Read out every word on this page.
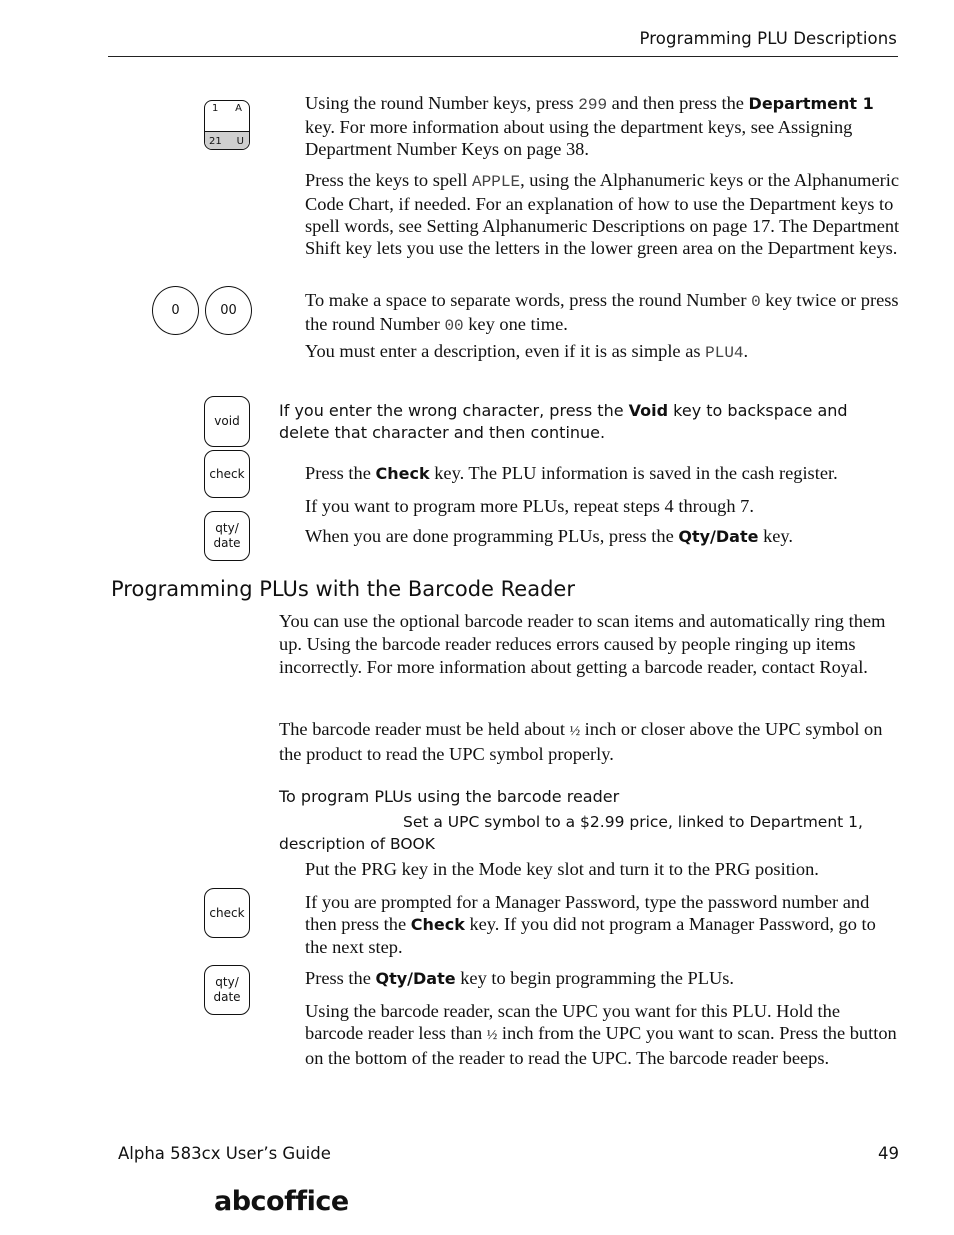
Programming PLU Descriptions
1 A
21 U

Using the round Number keys, press 299 and then press the Department 1 key. For more information about using the department keys, see Assigning Department Number Keys on page 38.

Press the keys to spell APPLE, using the Alphanumeric keys or the Alphanumeric Code Chart, if needed. For an explanation of how to use the Department keys to spell words, see Setting Alphanumeric Descriptions on page 17. The Department Shift key lets you use the letters in the lower green area on the Department keys.

0	00

To make a space to separate words, press the round Number 0 key twice or press the round Number 00 key one time.

You must enter a description, even if it is as simple as PLU4.

void

If you enter the wrong character, press the Void key to backspace and delete that character and then continue.

check	Press the Check key. The PLU information is saved in the cash register.

If you want to program more PLUs, repeat steps 4 through 7.

qty/
date	When you are done programming PLUs, press the Qty/Date key.

Programming PLUs with the Barcode Reader

You can use the optional barcode reader to scan items and automatically ring them up. Using the barcode reader reduces errors caused by people ringing up items incorrectly. For more information about getting a barcode reader, contact Royal.

The barcode reader must be held about ½ inch or closer above the UPC symbol on the product to read the UPC symbol properly.

To program PLUs using the barcode reader
Set a UPC symbol to a $2.99 price, linked to Department 1, description of BOOK

Put the PRG key in the Mode key slot and turn it to the PRG position.

check

If you are prompted for a Manager Password, type the password number and then press the Check key. If you did not program a Manager Password, go to the next step.

qty/
date

Press the Qty/Date key to begin programming the PLUs.

Using the barcode reader, scan the UPC you want for this PLU. Hold the barcode reader less than ½ inch from the UPC you want to scan. Press the button on the bottom of the reader to read the UPC. The barcode reader beeps.

Alpha 583cx User’s Guide	49
abcoffice
